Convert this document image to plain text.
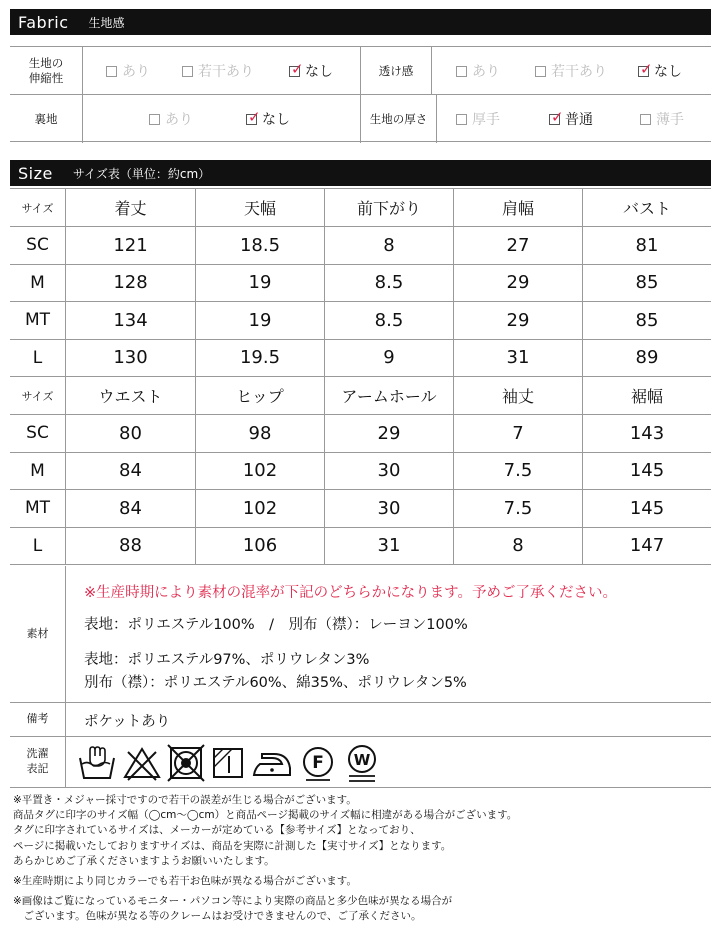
Fabric	生地感
生地の伸縮性	あり	若干あり ✓ なし	透け感	あり	若干あり ✓ なし
裏地	あり	✓ なし	生地の厚さ	厚手	✓ 普通	薄手
Size	サイズ表（単位：約cm）
サイズ	着丈	天幅	前下がり	肩幅	バスト
SC	121	18.5	8	27	81
M	128	19	8.5	29	85
MT	134	19	8.5	29	85
L	130	19.5	9	31	89
サイズ	ウエスト	ヒップ	アームホール	袖丈	裾幅
SC	80	98	29	7	143
M	84	102	30	7.5	145
MT	84	102	30	7.5	145
L	88	106	31	8	147
素材
※生産時期により素材の混率が下記のどちらかになります。予めご了承ください。
表地：ポリエステル100%　/　別布（襟）：レーヨン100%
表地：ポリエステル97%、ポリウレタン3%
別布（襟）：ポリエステル60%、綿35%、ポリウレタン5%
備考	ポケットあり
洗濯表記	F W

※平置き・メジャー採寸ですので若干の誤差が生じる場合がございます。

商品タグに印字のサイズ幅（◯cm～◯cm）と商品ページ掲載のサイズ幅に相違がある場合がございます。

タグに印字されているサイズは、メーカーが定めている【参考サイズ】となっており、

ページに掲載いたしておりますサイズは、商品を実際に計測した【実寸サイズ】となります。

あらかじめご了承くださいますようお願いいたします。

※生産時期により同じカラーでも若干お色味が異なる場合がございます。

※画像はご覧になっているモニター・パソコン等により実際の商品と多少色味が異なる場合が

　ございます。色味が異なる等のクレームはお受けできませんので、ご了承ください。
